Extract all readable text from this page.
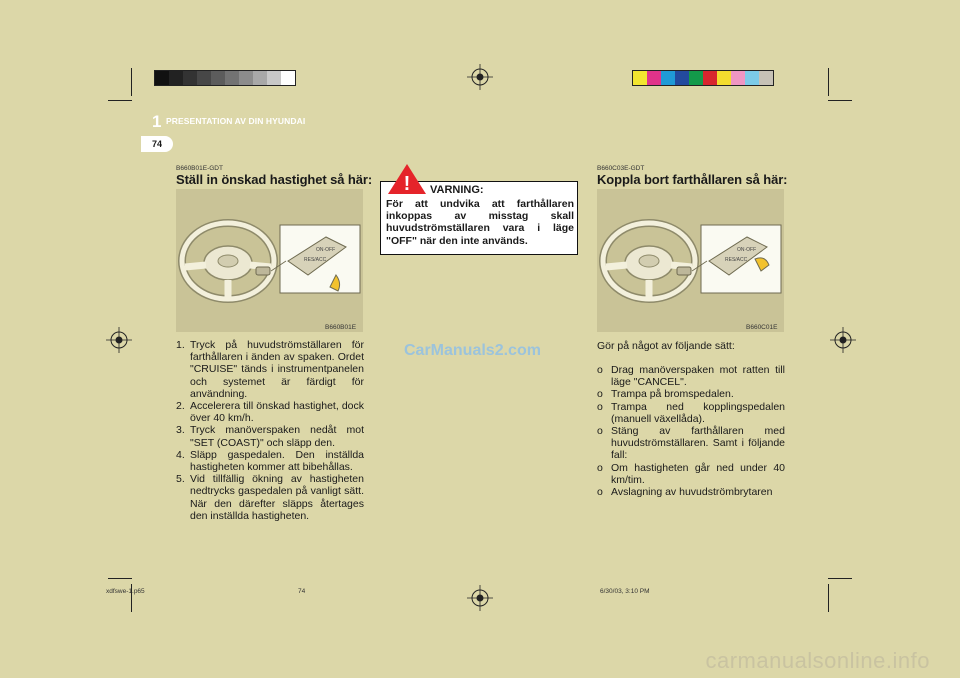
1 PRESENTATION AV DIN HYUNDAI
74
B660B01E-GDT
Ställ in önskad hastighet så här:
ON·OFF
RES/ACC
B660B01E
1. Tryck på huvudströmställaren för farthållaren i änden av spaken. Ordet "CRUISE" tänds i instrumentpanelen och systemet är färdigt för användning.
2. Accelerera till önskad hastighet, dock över 40 km/h.
3. Tryck manöverspaken nedåt mot "SET (COAST)" och släpp den.
4. Släpp gaspedalen. Den inställda hastigheten kommer att bibehållas.
5. Vid tillfällig ökning av hastigheten nedtrycks gaspedalen på vanligt sätt. När den därefter släpps återtages den inställda hastigheten.
! VARNING:
För att undvika att farthållaren inkoppas av misstag skall huvudströmställaren vara i läge "OFF" när den inte används.
CarManuals2.com
B660C03E-GDT
Koppla bort farthållaren så här:
ON·OFF
RES/ACC
B660C01E
Gör på något av följande sätt:
o Drag manöverspaken mot ratten till läge "CANCEL".
o Trampa på bromspedalen.
o Trampa ned kopplingspedalen (manuell växellåda).
o Stäng av farthållaren med huvudströmställaren. Samt i följande fall:
o Om hastigheten går ned under 40 km/tim.
o Avslagning av huvudströmbrytaren
xdfswe-1.p65	74	6/30/03, 3:10 PM
carmanualsonline.info
